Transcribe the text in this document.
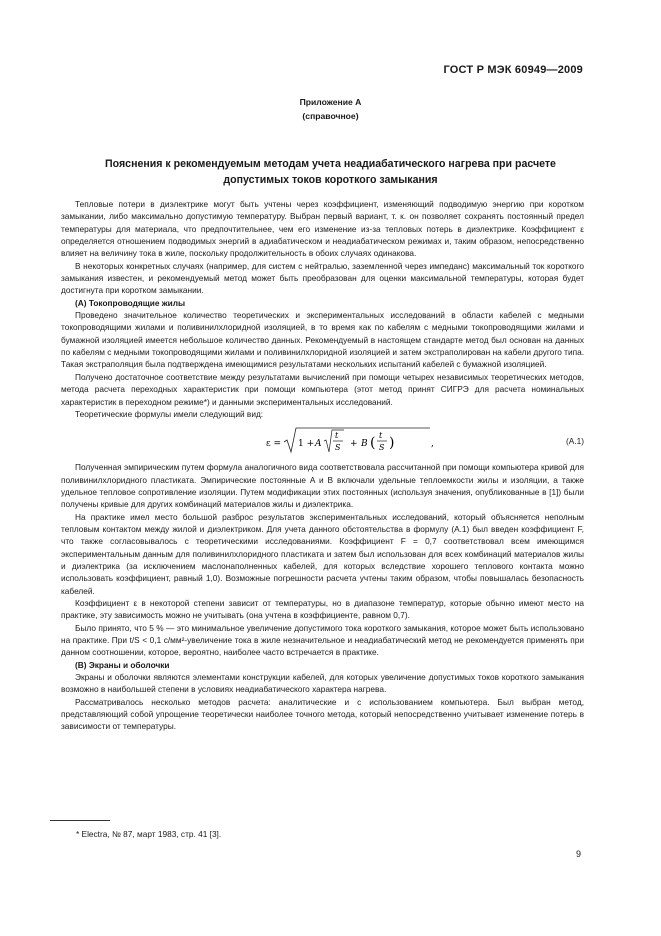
ГОСТ Р МЭК 60949—2009
Приложение А
(справочное)
Пояснения к рекомендуемым методам учета неадиабатического нагрева при расчете допустимых токов короткого замыкания

Тепловые потери в диэлектрике могут быть учтены через коэффициент, изменяющий подводимую энергию при коротком замыкании, либо максимально допустимую температуру. Выбран первый вариант, т. к. он позволяет сохранять постоянный предел температуры для материала, что предпочтительнее, чем его изменение из-за тепловых потерь в диэлектрике. Коэффициент ε определяется отношением подводимых энергий в адиабатическом и неадиабатическом режимах и, таким образом, непосредственно влияет на величину тока в жиле, поскольку продолжительность в обоих случаях одинакова.

В некоторых конкретных случаях (например, для систем с нейтралью, заземленной через импеданс) максимальный ток короткого замыкания известен, и рекомендуемый метод может быть преобразован для оценки максимальной температуры, которая будет достигнута при коротком замыкании.

(А) Токопроводящие жилы

Проведено значительное количество теоретических и экспериментальных исследований в области кабелей с медными токопроводящими жилами и поливинилхлоридной изоляцией, в то время как по кабелям с медными токопроводящими жилами и бумажной изоляцией имеется небольшое количество данных. Рекомендуемый в настоящем стандарте метод был основан на данных по кабелям с медными токопроводящими жилами и поливинилхлоридной изоляцией и затем экстраполирован на кабели другого типа. Такая экстраполяция была подтверждена имеющимися результатами нескольких испытаний кабелей с бумажной изоляцией.

Получено достаточное соответствие между результатами вычислений при помощи четырех независимых теоретических методов, метода расчета переходных характеристик при помощи компьютера (этот метод принят СИГРЭ для расчета номинальных характеристик в переходном режиме*) и данными экспериментальных исследований.

Теоретические формулы имели следующий вид:

ε = 1 + A
t
S + B ( t
S )	,	(А.1)

Полученная эмпирическим путем формула аналогичного вида соответствовала рассчитанной при помощи компьютера кривой для поливинилхлоридного пластиката. Эмпирические постоянные A и B включали удельные теплоемкости жилы и изоляции, а также удельное тепловое сопротивление изоляции. Путем модификации этих постоянных (используя значения, опубликованные в [1]) были получены кривые для других комбинаций материалов жилы и диэлектрика.

На практике имел место большой разброс результатов экспериментальных исследований, который объясняется неполным тепловым контактом между жилой и диэлектриком. Для учета данного обстоятельства в формулу (А.1) был введен коэффициент F, что также согласовывалось с теоретическими исследованиями. Коэффициент F = 0,7 соответствовал всем имеющимся экспериментальным данным для поливинилхлоридного пластиката и затем был использован для всех комбинаций материалов жилы и диэлектрика (за исключением маслонаполненных кабелей, для которых вследствие хорошего теплового контакта можно использовать коэффициент, равный 1,0). Возможные погрешности расчета учтены таким образом, чтобы повышалась безопасность кабелей.

Коэффициент ε в некоторой степени зависит от температуры, но в диапазоне температур, которые обычно имеют место на практике, эту зависимость можно не учитывать (она учтена в коэффициенте, равном 0,7).

Было принято, что 5 % — это минимальное увеличение допустимого тока короткого замыкания, которое может быть использовано на практике. При t/S < 0,1 с/мм²-увеличение тока в жиле незначительное и неадиабатический метод не рекомендуется применять при данном соотношении, которое, вероятно, наиболее часто встречается в практике.

(В) Экраны и оболочки

Экраны и оболочки являются элементами конструкции кабелей, для которых увеличение допустимых токов короткого замыкания возможно в наибольшей степени в условиях неадиабатического характера нагрева.

Рассматривалось несколько методов расчета: аналитические и с использованием компьютера. Был выбран метод, представляющий собой упрощение теоретически наиболее точного метода, который непосредственно учитывает изменение потерь в зависимости от температуры.

* Electra, № 87, март 1983, стр. 41 [3].
9
